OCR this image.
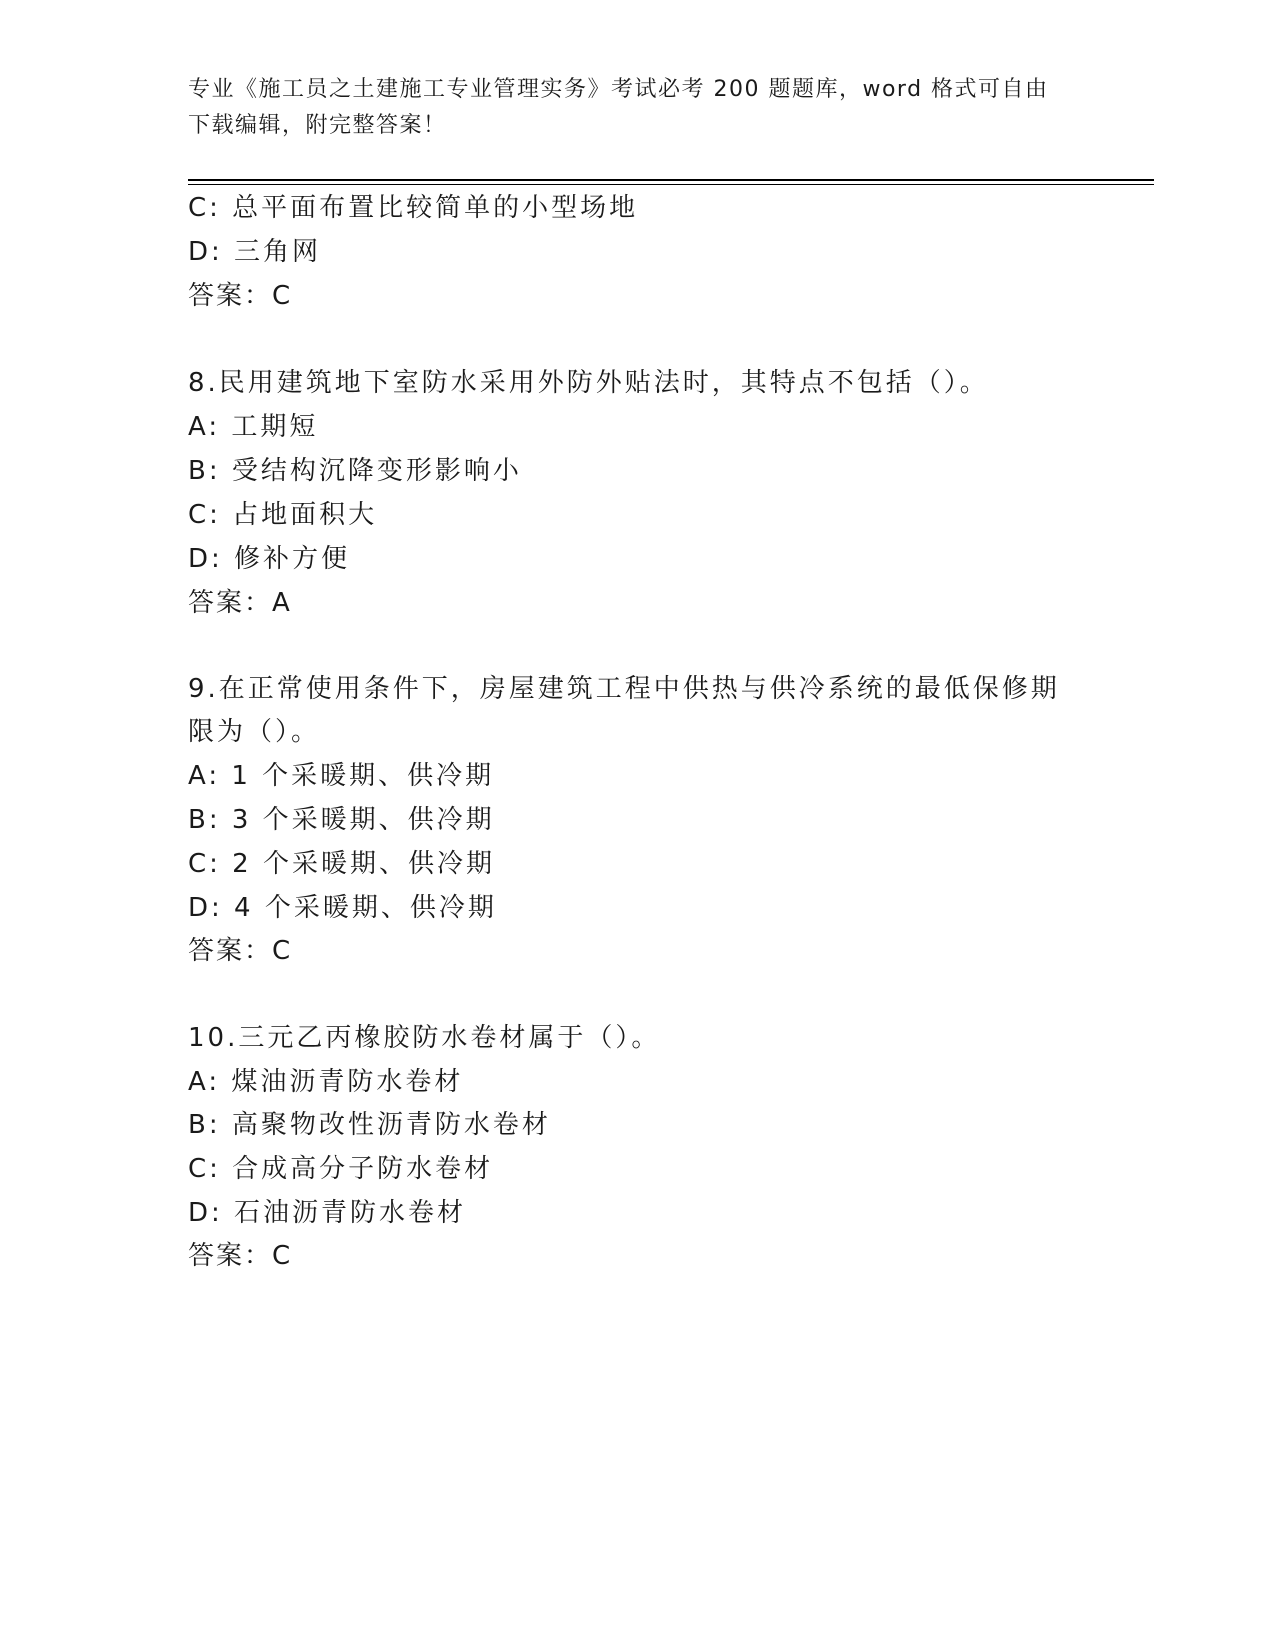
专业《施工员之土建施工专业管理实务》考试必考 200 题题库，word 格式可自由
下载编辑，附完整答案！
C: 总平面布置比较简单的小型场地
D: 三角网
答案：C
8.民用建筑地下室防水采用外防外贴法时，其特点不包括（）。
A: 工期短
B: 受结构沉降变形影响小
C: 占地面积大
D: 修补方便
答案：A
9.在正常使用条件下，房屋建筑工程中供热与供冷系统的最低保修期
限为（）。
A: 1 个采暖期、供冷期
B: 3 个采暖期、供冷期
C: 2 个采暖期、供冷期
D: 4 个采暖期、供冷期
答案：C
10.三元乙丙橡胶防水卷材属于（）。
A: 煤油沥青防水卷材
B: 高聚物改性沥青防水卷材
C: 合成高分子防水卷材
D: 石油沥青防水卷材
答案：C
